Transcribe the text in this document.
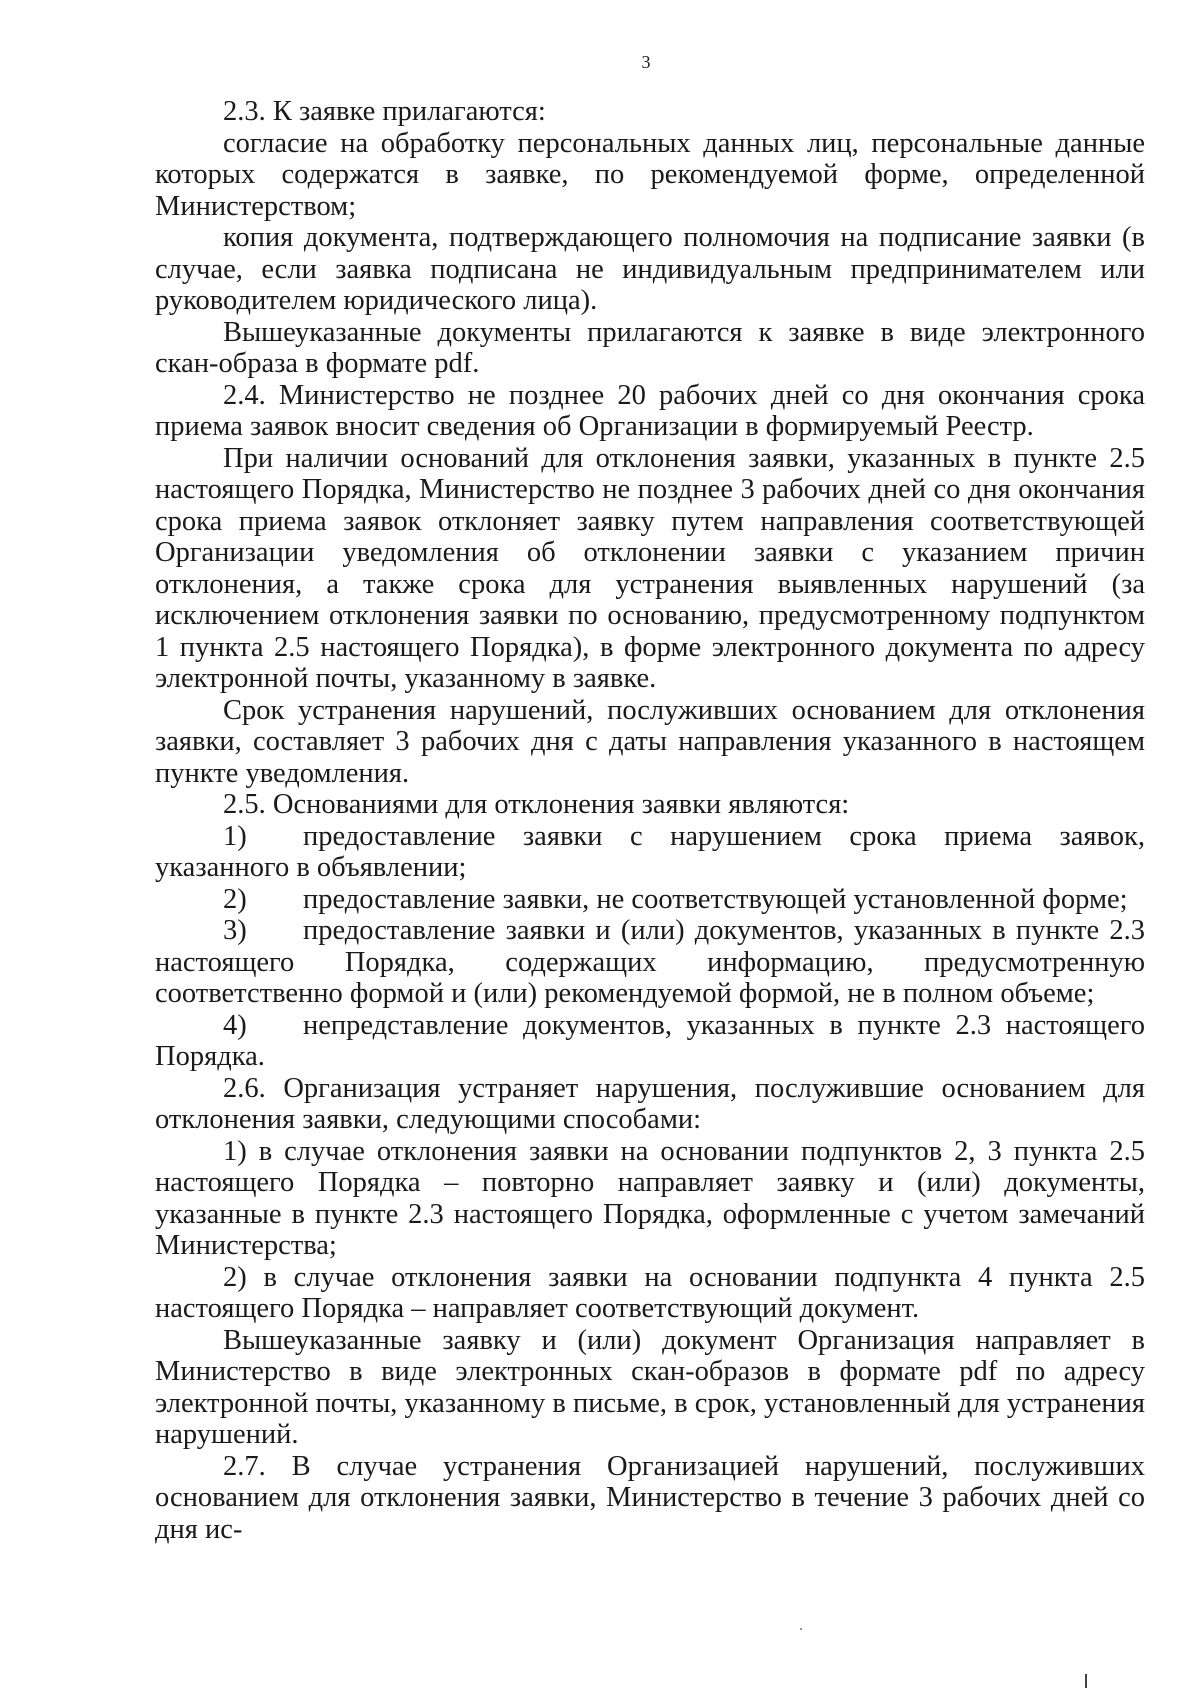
3

2.3. К заявке прилагаются:

согласие на обработку персональных данных лиц, персональные данные которых содержатся в заявке, по рекомендуемой форме, определенной Министерством;

копия документа, подтверждающего полномочия на подписание заявки (в случае, если заявка подписана не индивидуальным предпринимателем или руководителем юридического лица).

Вышеуказанные документы прилагаются к заявке в виде электронного скан-образа в формате pdf.

2.4. Министерство не позднее 20 рабочих дней со дня окончания срока приема заявок вносит сведения об Организации в формируемый Реестр.

При наличии оснований для отклонения заявки, указанных в пункте 2.5 настоящего Порядка, Министерство не позднее 3 рабочих дней со дня окончания срока приема заявок отклоняет заявку путем направления соответствующей Организации уведомления об отклонении заявки с указанием причин отклонения, а также срока для устранения выявленных нарушений (за исключением отклонения заявки по основанию, предусмотренному подпунктом 1 пункта 2.5 настоящего Порядка), в форме электронного документа по адресу электронной почты, указанному в заявке.

Срок устранения нарушений, послуживших основанием для отклонения заявки, составляет 3 рабочих дня с даты направления указанного в настоящем пункте уведомления.

2.5. Основаниями для отклонения заявки являются:

1) предоставление заявки с нарушением срока приема заявок, указанного в объявлении;

2) предоставление заявки, не соответствующей установленной форме;

3) предоставление заявки и (или) документов, указанных в пункте 2.3 настоящего Порядка, содержащих информацию, предусмотренную соответственно формой и (или) рекомендуемой формой, не в полном объеме;

4) непредставление документов, указанных в пункте 2.3 настоящего Порядка.

2.6. Организация устраняет нарушения, послужившие основанием для отклонения заявки, следующими способами:

1) в случае отклонения заявки на основании подпунктов 2, 3 пункта 2.5 настоящего Порядка – повторно направляет заявку и (или) документы, указанные в пункте 2.3 настоящего Порядка, оформленные с учетом замечаний Министерства;

2) в случае отклонения заявки на основании подпункта 4 пункта 2.5 настоящего Порядка – направляет соответствующий документ.

Вышеуказанные заявку и (или) документ Организация направляет в Министерство в виде электронных скан-образов в формате pdf по адресу электронной почты, указанному в письме, в срок, установленный для устранения нарушений.

2.7. В случае устранения Организацией нарушений, послуживших основанием для отклонения заявки, Министерство в течение 3 рабочих дней со дня ис-
